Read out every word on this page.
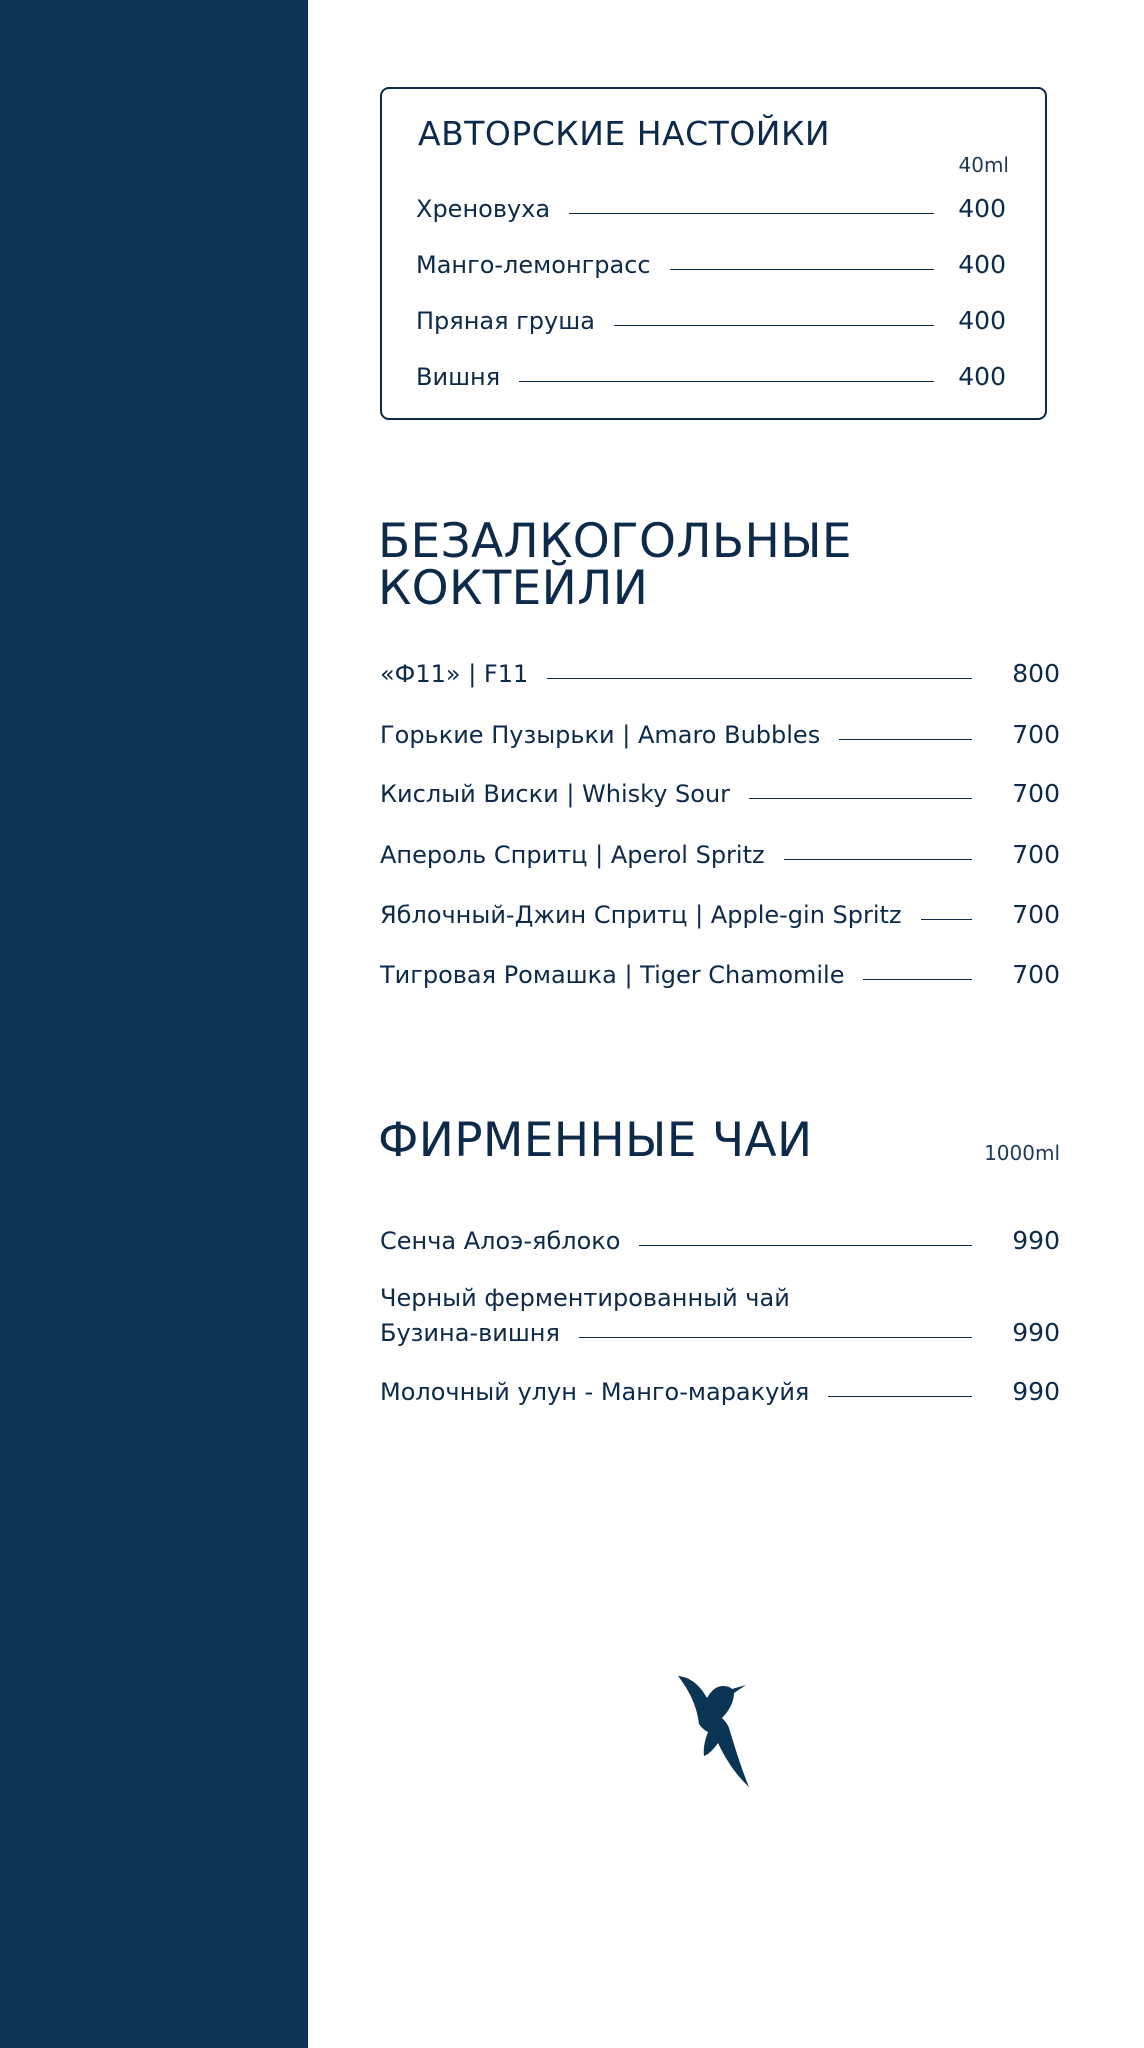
АВТОРСКИЕ НАСТОЙКИ
40ml
Хреновуха	400
Манго-лемонграсс	400
Пряная груша	400
Вишня	400
БЕЗАЛКОГОЛЬНЫЕ
КОКТЕЙЛИ
«Ф11» | F11	800
Горькие Пузырьки | Amaro Bubbles	700
Кислый Виски | Whisky Sour	700
Апероль Спритц | Aperol Spritz	700
Яблочный-Джин Спритц | Apple-gin Spritz	700
Тигровая Ромашка | Tiger Chamomile	700
ФИРМЕННЫЕ ЧАИ	1000ml
Сенча Алоэ-яблоко	990
Черный ферментированный чай
Бузина-вишня	990
Молочный улун - Манго-маракуйя	990
